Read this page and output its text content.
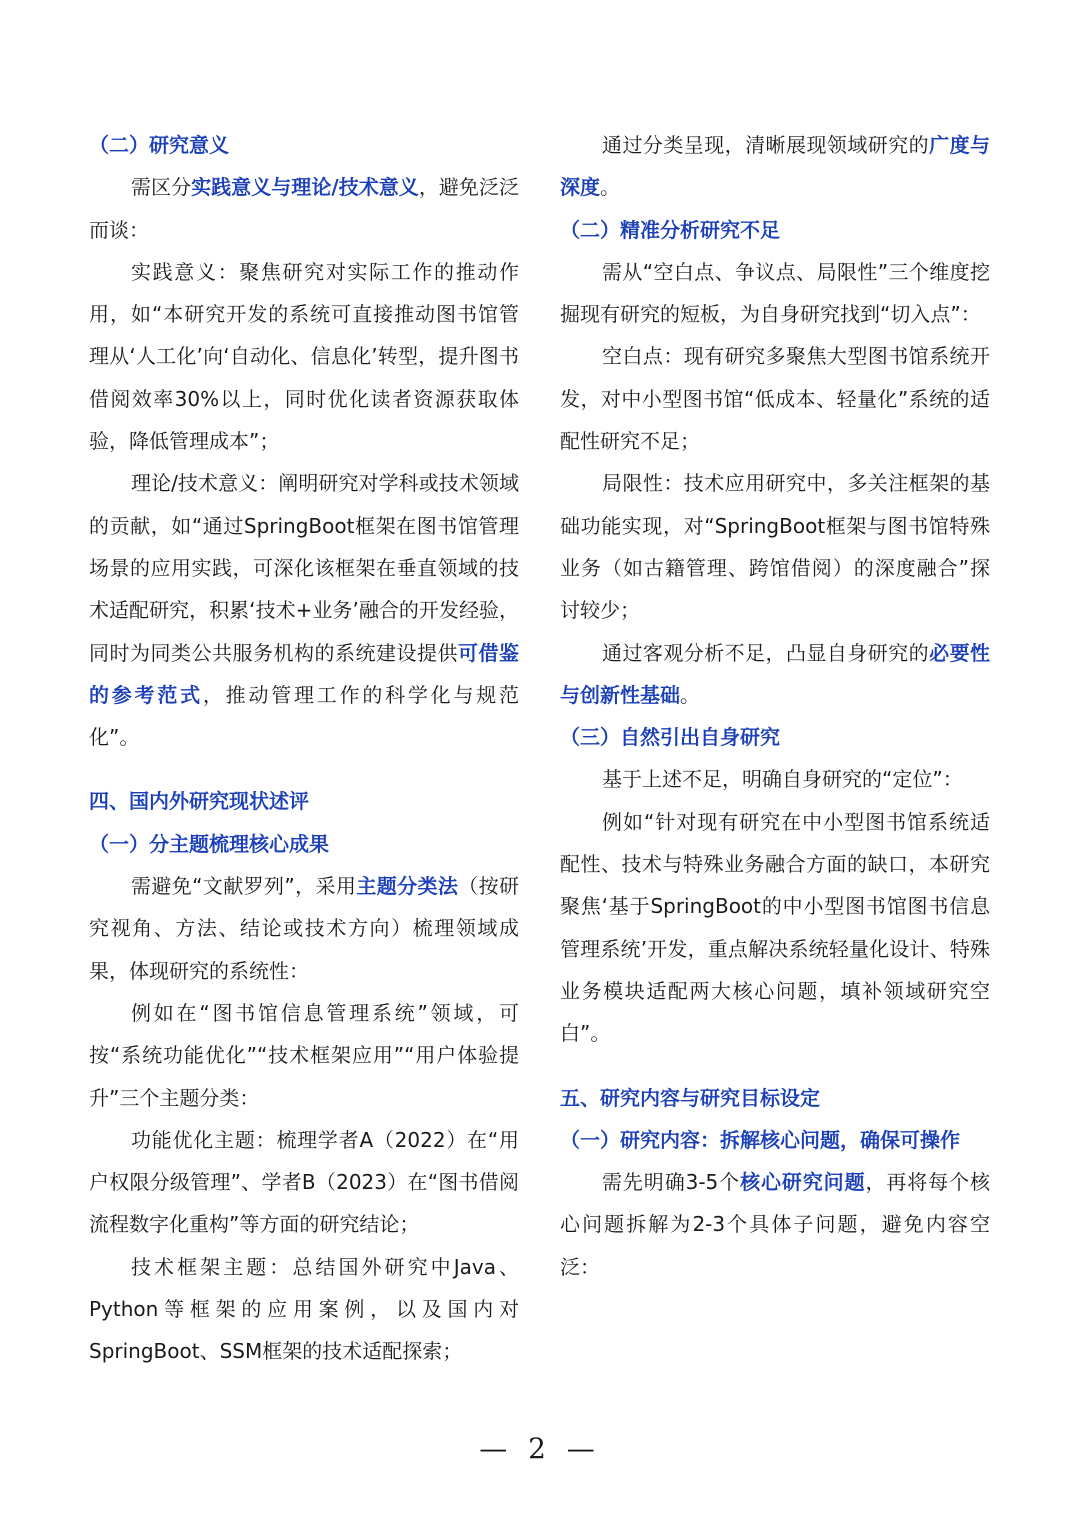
（二）研究意义

需区分实践意义与理论/技术意义，避免泛泛而谈：

实践意义：聚焦研究对实际工作的推动作用，如“本研究开发的系统可直接推动图书馆管理从‘人工化’向‘自动化、信息化’转型，提升图书借阅效率30%以上，同时优化读者资源获取体验，降低管理成本”；

理论/技术意义：阐明研究对学科或技术领域的贡献，如“通过SpringBoot框架在图书馆管理场景的应用实践，可深化该框架在垂直领域的技术适配研究，积累‘技术+业务’融合的开发经验，同时为同类公共服务机构的系统建设提供可借鉴的参考范式，推动管理工作的科学化与规范化”。

四、国内外研究现状述评

（一）分主题梳理核心成果

需避免“文献罗列”，采用主题分类法（按研究视角、方法、结论或技术方向）梳理领域成果，体现研究的系统性：

例如在“图书馆信息管理系统”领域，可按“系统功能优化”“技术框架应用”“用户体验提升”三个主题分类：

功能优化主题：梳理学者A（2022）在“用户权限分级管理”、学者B（2023）在“图书借阅流程数字化重构”等方面的研究结论；

技术框架主题：总结国外研究中Java、Python等框架的应用案例，以及国内对SpringBoot、SSM框架的技术适配探索；

通过分类呈现，清晰展现领域研究的广度与深度。

（二）精准分析研究不足

需从“空白点、争议点、局限性”三个维度挖掘现有研究的短板，为自身研究找到“切入点”：

空白点：现有研究多聚焦大型图书馆系统开发，对中小型图书馆“低成本、轻量化”系统的适配性研究不足；

局限性：技术应用研究中，多关注框架的基础功能实现，对“SpringBoot框架与图书馆特殊业务（如古籍管理、跨馆借阅）的深度融合”探讨较少；

通过客观分析不足，凸显自身研究的必要性与创新性基础。

（三）自然引出自身研究

基于上述不足，明确自身研究的“定位”：

例如“针对现有研究在中小型图书馆系统适配性、技术与特殊业务融合方面的缺口，本研究聚焦‘基于SpringBoot的中小型图书馆图书信息管理系统’开发，重点解决系统轻量化设计、特殊业务模块适配两大核心问题，填补领域研究空白”。

五、研究内容与研究目标设定

（一）研究内容：拆解核心问题，确保可操作

需先明确3-5个核心研究问题，再将每个核心问题拆解为2-3个具体子问题，避免内容空泛：

— 2 —
